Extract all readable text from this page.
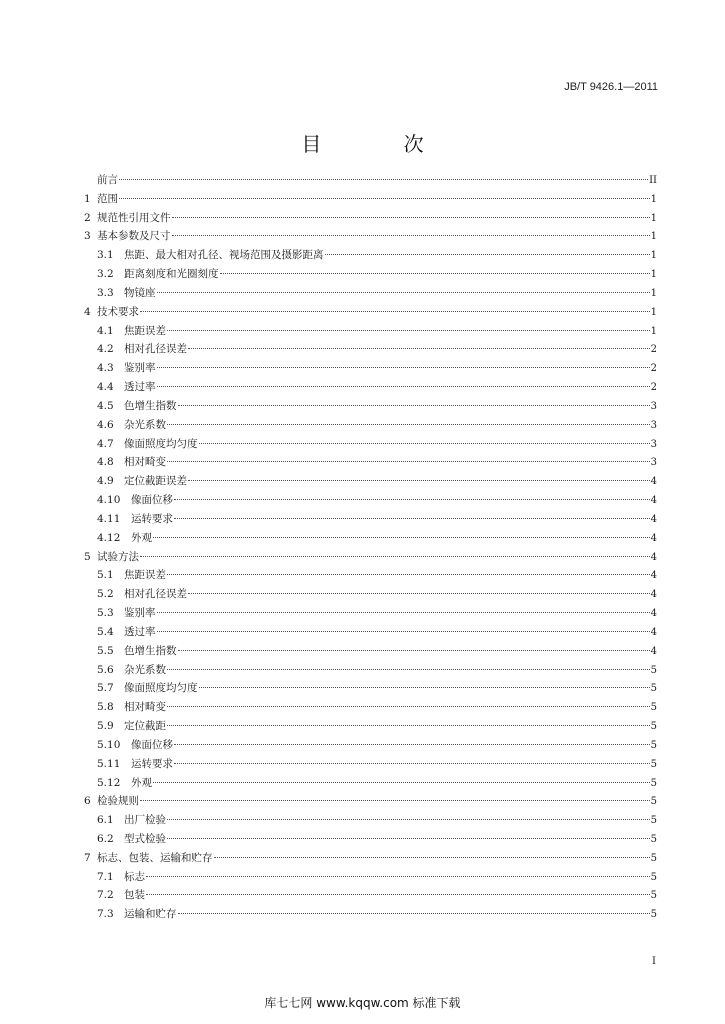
JB/T 9426.1—2011
目 次
前言	II
1 范围	1
2 规范性引用文件	1
3 基本参数及尺寸	1
3.1 焦距、最大相对孔径、视场范围及摄影距离	1
3.2 距离刻度和光圈刻度	1
3.3 物镜座	1
4 技术要求	1
4.1 焦距误差	1
4.2 相对孔径误差	2
4.3 鉴别率	2
4.4 透过率	2
4.5 色增生指数	3
4.6 杂光系数	3
4.7 像面照度均匀度	3
4.8 相对畸变	3
4.9 定位截距误差	4
4.10	像面位移	4
4.11	运转要求	4
4.12	外观	4
5 试验方法	4
5.1 焦距误差	4
5.2 相对孔径误差	4
5.3 鉴别率	4
5.4 透过率	4
5.5 色增生指数	4
5.6 杂光系数	5
5.7 像面照度均匀度	5
5.8 相对畸变	5
5.9 定位截距	5
5.10	像面位移	5
5.11	运转要求	5
5.12	外观	5
6 检验规则	5
6.1 出厂检验	5
6.2 型式检验	5
7 标志、包装、运输和贮存	5
7.1 标志	5
7.2 包装	5
7.3 运输和贮存	5
I
库七七网 www.kqqw.com 标准下载
